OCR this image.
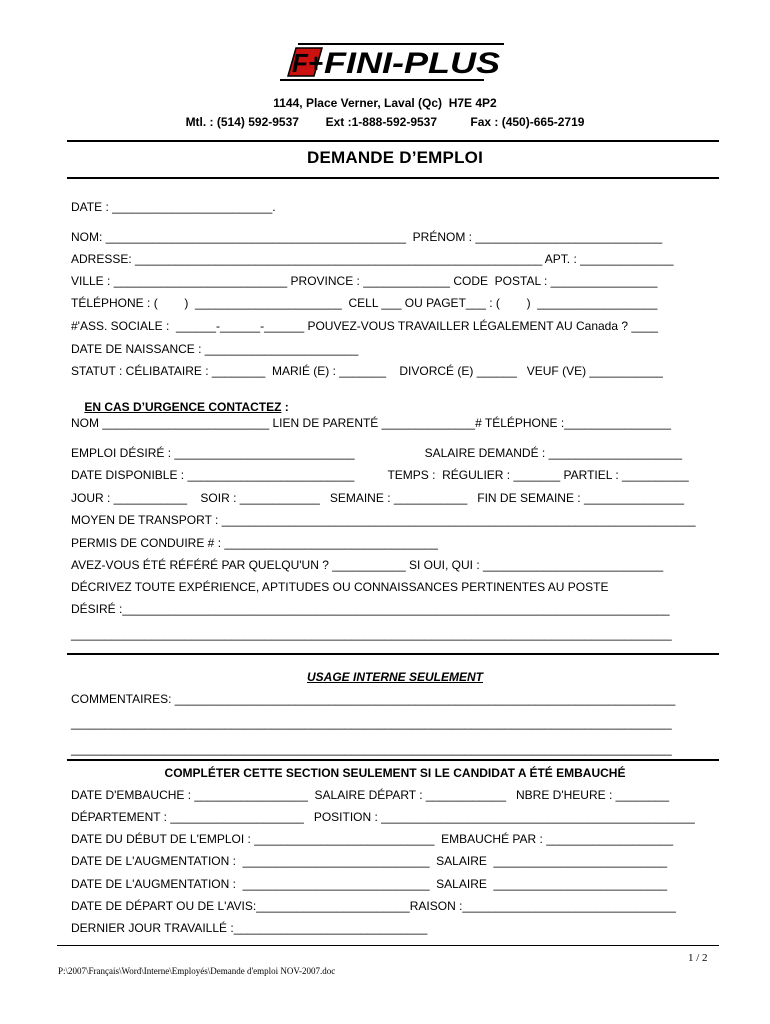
F+ FINI-PLUS
1144, Place Verner, Laval (Qc)  H7E 4P2
Mtl. : (514) 592-9537        Ext :1-888-592-9537          Fax : (450)-665-2719
DEMANDE D’EMPLOI
DATE : ________________________.
NOM: _____________________________________________  PRÉNOM : ____________________________
ADRESSE: _____________________________________________________________ APT. : ______________
VILLE : __________________________ PROVINCE : _____________ CODE  POSTAL : ________________
TÉLÉPHONE : (        )  ______________________  CELL ___ OU PAGET___ : (        )  __________________
#'ASS. SOCIALE :  ______-______-______ POUVEZ-VOUS TRAVAILLER LÉGALEMENT AU Canada ? ____
DATE DE NAISSANCE : _______________________
STATUT : CÉLIBATAIRE : ________  MARIÉ (E) : _______    DIVORCÉ (E) ______   VEUF (VE) ___________

EN CAS D’URGENCE CONTACTEZ :

NOM _________________________ LIEN DE PARENTÉ ______________# TÉLÉPHONE :________________
EMPLOI DÉSIRÉ : ___________________________                     SALAIRE DEMANDÉ : ____________________
DATE DISPONIBLE : _________________________          TEMPS :  RÉGULIER : _______ PARTIEL : __________
JOUR : ___________    SOIR : ____________   SEMAINE : ___________   FIN DE SEMAINE : _______________
MOYEN DE TRANSPORT : _______________________________________________________________________
PERMIS DE CONDUIRE # : ________________________________
AVEZ-VOUS ÉTÉ RÉFÉRÉ PAR QUELQU'UN ? ___________ SI OUI, QUI : ___________________________
DÉCRIVEZ TOUTE EXPÉRIENCE, APTITUDES OU CONNAISSANCES PERTINENTES AU POSTE
DÉSIRÉ :__________________________________________________________________________________
__________________________________________________________________________________________
USAGE INTERNE SEULEMENT
COMMENTAIRES: ___________________________________________________________________________
__________________________________________________________________________________________
__________________________________________________________________________________________
COMPLÉTER CETTE SECTION SEULEMENT SI LE CANDIDAT A ÉTÉ EMBAUCHÉ
DATE D'EMBAUCHE : _________________  SALAIRE DÉPART : ____________   NBRE D'HEURE : ________
DÉPARTEMENT : ____________________   POSITION : _______________________________________________
DATE DU DÉBUT DE L'EMPLOI : ___________________________  EMBAUCHÉ PAR : ___________________
DATE DE L'AUGMENTATION :  ____________________________  SALAIRE  __________________________
DATE DE L'AUGMENTATION :  ____________________________  SALAIRE  __________________________
DATE DE DÉPART OU DE L'AVIS:_______________________RAISON :________________________________
DERNIER JOUR TRAVAILLÉ :_____________________________
1 / 2
P:\2007\Français\Word\Interne\Employés\Demande d'emploi NOV-2007.doc
